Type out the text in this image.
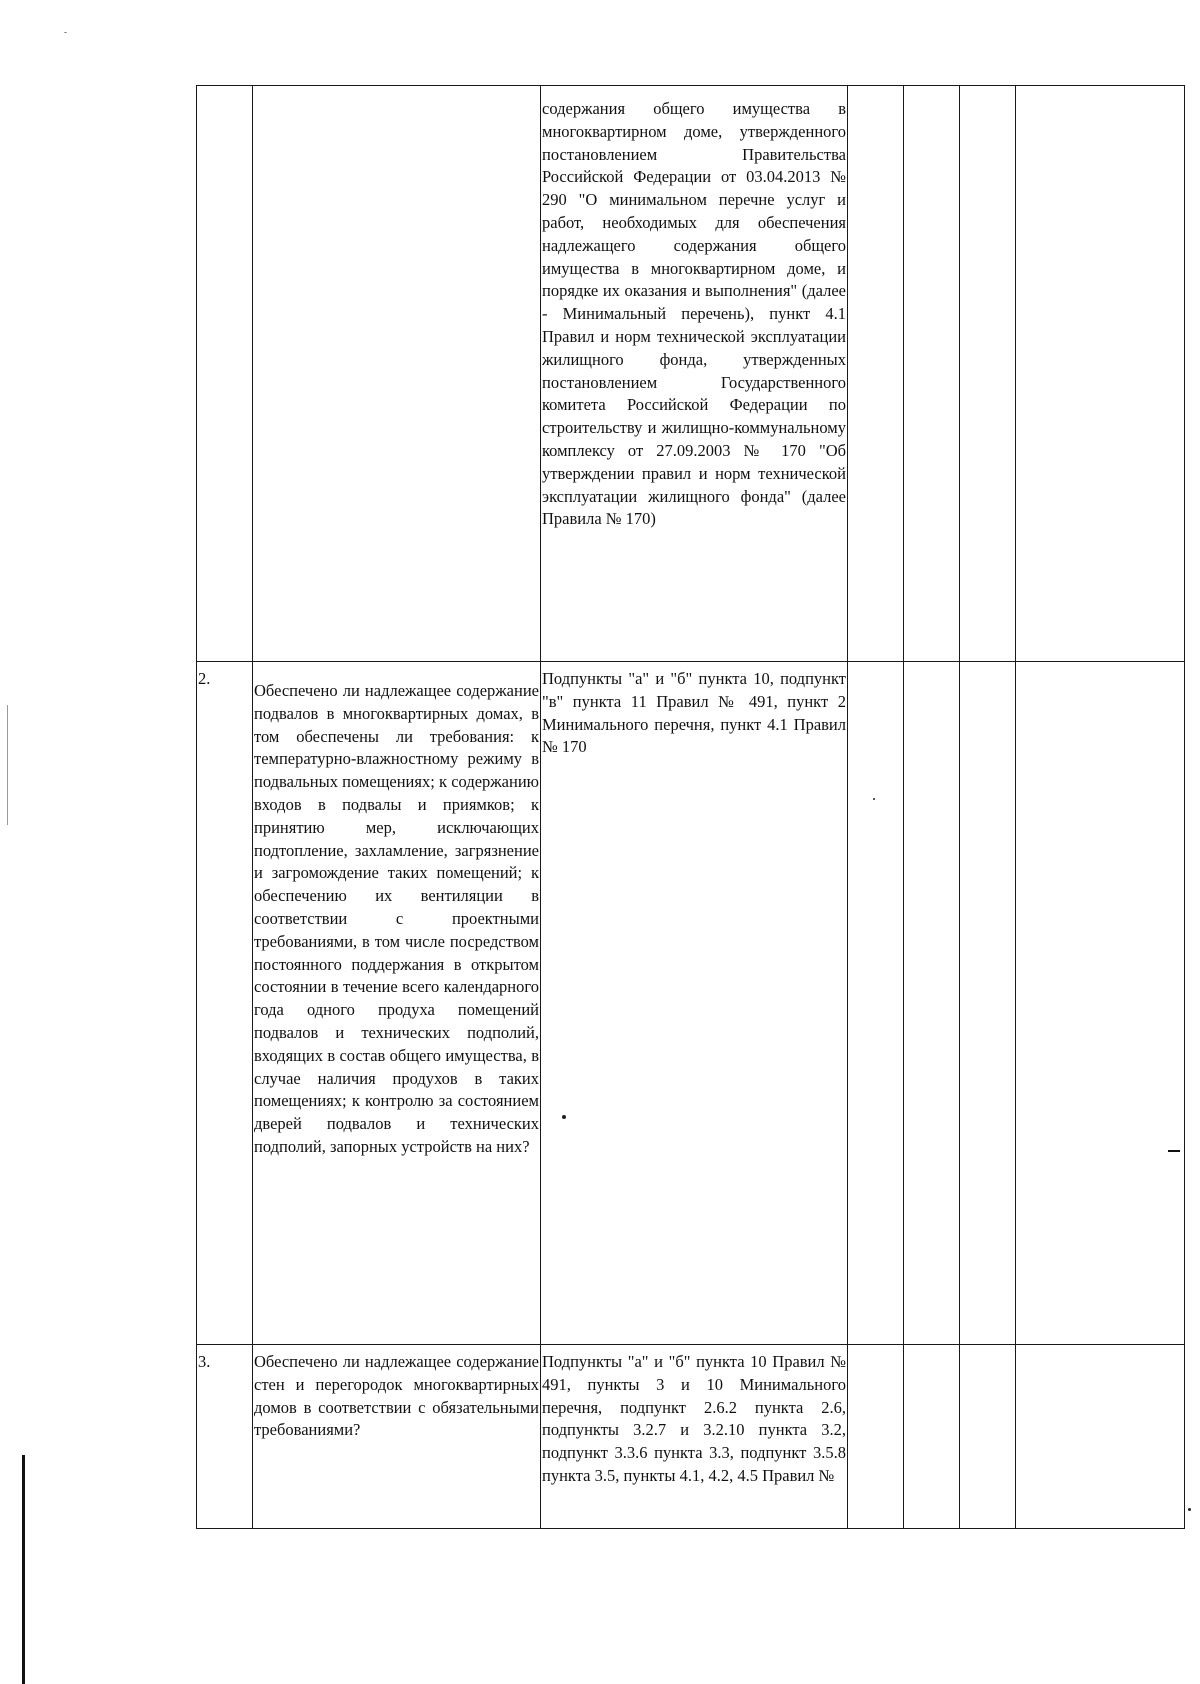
		содержания общего имущества в многоквартирном доме, утвержденного постановлением Правительства Российской Федерации от 03.04.2013 № 290 "О минимальном перечне услуг и работ, необходимых для обеспечения надлежащего содержания общего имущества в многоквартирном доме, и порядке их оказания и выполнения" (далее - Минимальный перечень), пункт 4.1 Правил и норм технической эксплуатации жилищного фонда, утвержденных постановлением Государственного комитета Российской Федерации по строительству и жилищно-коммунальному комплексу от 27.09.2003 № 170 "Об утверждении правил и норм технической эксплуатации жилищного фонда" (далее Правила № 170)				

2.	Обеспечено ли надлежащее содержание подвалов в многоквартирных домах, в том обеспечены ли требования: к температурно-влажностному режиму в подвальных помещениях; к содержанию входов в подвалы и приямков; к принятию мер, исключающих подтопление, захламление, загрязнение и загромождение таких помещений; к обеспечению их вентиляции в соответствии с проектными требованиями, в том числе посредством постоянного поддержания в открытом состоянии в течение всего календарного года одного продуха помещений подвалов и технических подполий, входящих в состав общего имущества, в случае наличия продухов в таких помещениях; к контролю за состоянием дверей подвалов и технических подполий, запорных устройств на них?	Подпункты "а" и "б" пункта 10, подпункт "в" пункта 11 Правил № 491, пункт 2 Минимального перечня, пункт 4.1 Правил № 170				

3.	Обеспечено ли надлежащее содержание стен и перегородок многоквартирных домов в соответствии с обязательными требованиями?	Подпункты "а" и "б" пункта 10 Правил № 491, пункты 3 и 10 Минимального перечня, подпункт 2.6.2 пункта 2.6, подпункты 3.2.7 и 3.2.10 пункта 3.2, подпункт 3.3.6 пункта 3.3, подпункт 3.5.8 пункта 3.5, пункты 4.1, 4.2, 4.5 Правил №				
